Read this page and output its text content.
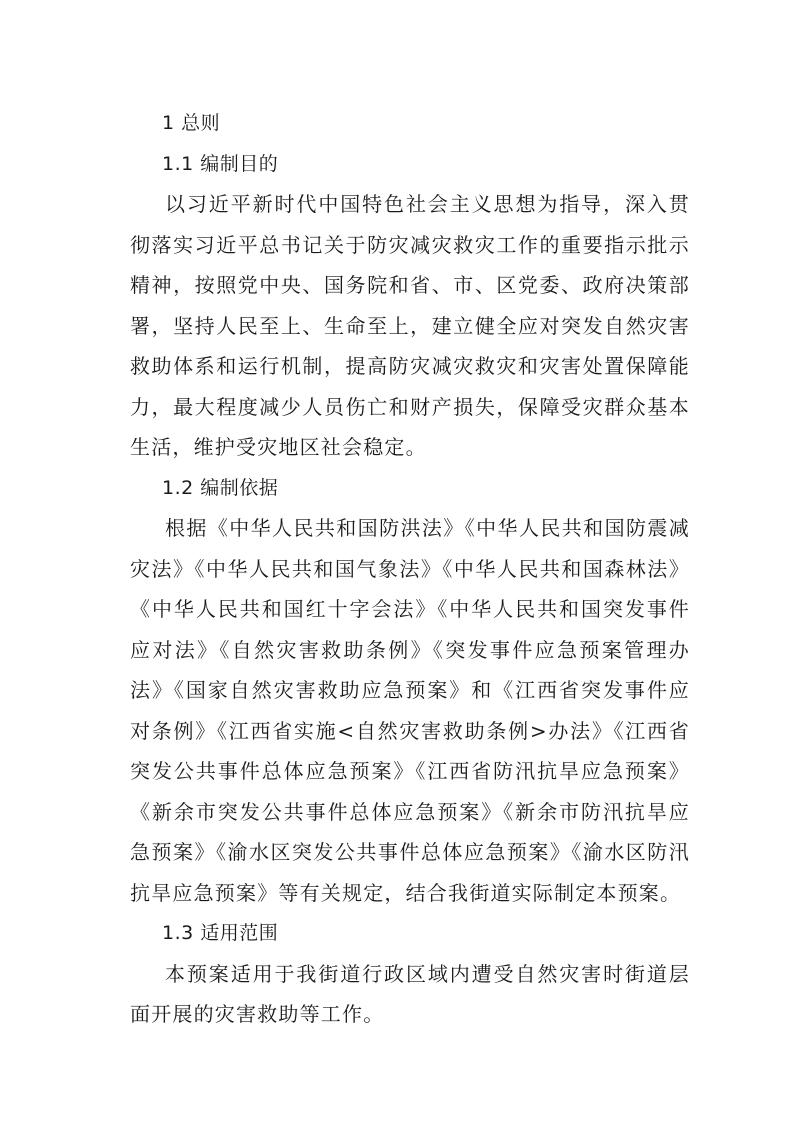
1 总则
1.1 编制目的

以习近平新时代中国特色社会主义思想为指导，深入贯彻落实习近平总书记关于防灾减灾救灾工作的重要指示批示精神，按照党中央、国务院和省、市、区党委、政府决策部署，坚持人民至上、生命至上，建立健全应对突发自然灾害救助体系和运行机制，提高防灾减灾救灾和灾害处置保障能力，最大程度减少人员伤亡和财产损失，保障受灾群众基本生活，维护受灾地区社会稳定。

1.2 编制依据

根据《中华人民共和国防洪法》《中华人民共和国防震减灾法》《中华人民共和国气象法》《中华人民共和国森林法》《中华人民共和国红十字会法》《中华人民共和国突发事件应对法》《自然灾害救助条例》《突发事件应急预案管理办法》《国家自然灾害救助应急预案》和《江西省突发事件应对条例》《江西省实施<自然灾害救助条例>办法》《江西省突发公共事件总体应急预案》《江西省防汛抗旱应急预案》《新余市突发公共事件总体应急预案》《新余市防汛抗旱应急预案》《渝水区突发公共事件总体应急预案》《渝水区防汛抗旱应急预案》等有关规定，结合我街道实际制定本预案。

1.3 适用范围

本预案适用于我街道行政区域内遭受自然灾害时街道层面开展的灾害救助等工作。
